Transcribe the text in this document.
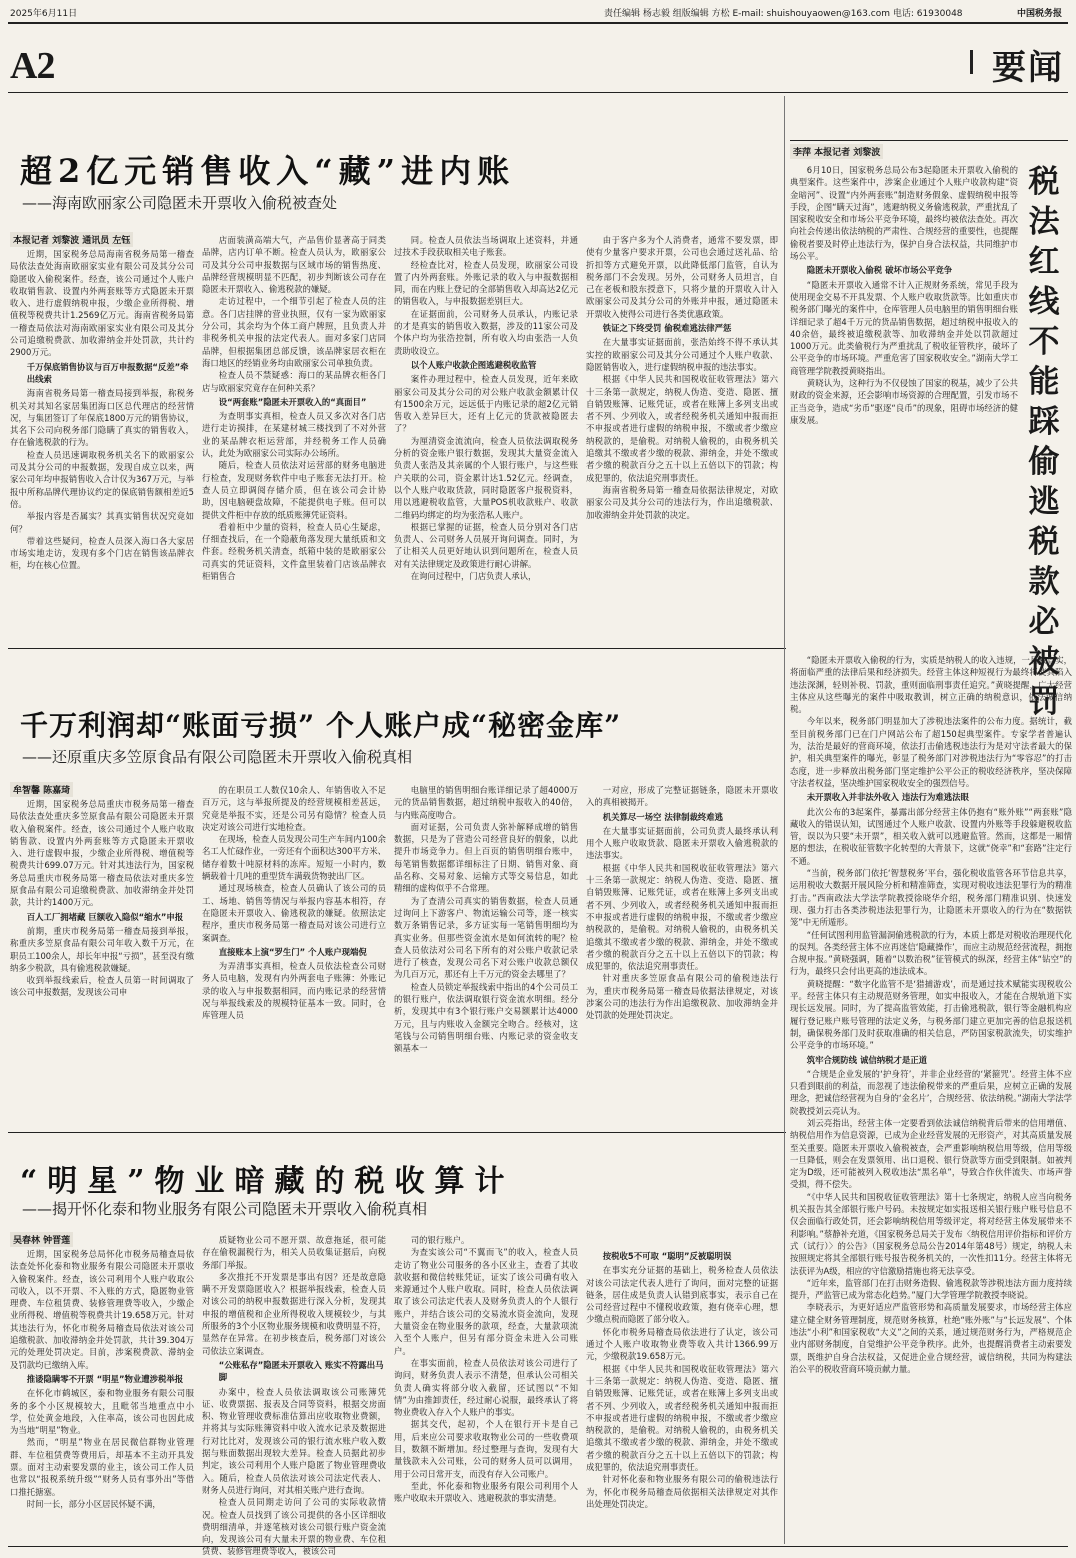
2025年6月11日	责任编辑 杨志毅 组版编辑 方松 E-mail: shuishouyaowen@163.com 电话: 61930048	中国税务报
A2	要闻
超2亿元销售收入“藏”进内账
——海南欧丽家公司隐匿未开票收入偷税被查处
本报记者 刘黎波 通讯员 左钰

近期，国家税务总局海南省税务局第一稽查局依法查处海南欧丽家实业有限公司及其分公司隐匿收入偷税案件。经查，该公司通过个人账户收取销售款、设置内外两套账等方式隐匿未开票收入、进行虚假纳税申报，少缴企业所得税、增值税等税费共计1.2569亿万元。海南省税务局第一稽查局依法对海南欧丽家实业有限公司及其分公司追缴税费款、加收滞纳金并处罚款，共计约2900万元。

千万保底销售协议与百万申报数据“反差”牵出线索

海南省税务局第一稽查局接到举报，称税务机关对其知名家居集团海口区总代理店的经营情况，与集团签订了年保底1800万元的销售协议，其名下公司向税务部门隐瞒了真实的销售收入，存在偷逃税款的行为。

检查人员迅速调取税务机关名下的欧丽家公司及其分公司的申报数据，发现自成立以来，两家公司年均申报销售收入合计仅为367万元，与举报中所称品牌代理协议约定的保底销售额相差近5倍。

举报内容是否属实？其真实销售状况究竟如何？

带着这些疑问，检查人员深入海口各大家居市场实地走访，发现有多个门店在销售该品牌衣柜，均在核心位置。

店面装潢高端大气，产品售价显著高于同类品牌，店内订单不断。检查人员认为，欧丽家公司及其分公司申报数据与区域市场的销售热度、品牌经营规模明显不匹配，初步判断该公司存在隐匿未开票收入、偷逃税款的嫌疑。

走访过程中，一个细节引起了检查人员的注意。各门店挂牌的营业执照，仅有一家为欧丽家分公司，其余均为个体工商户牌照，且负责人并非税务机关申报的法定代表人。面对多家门店同品牌，但根据集团总部反馈，该品牌家居衣柜在海口地区的经销业务均由欧丽家公司单独负责。

检查人员不禁疑惑：海口的某品牌衣柜各门店与欧丽家究竟存在何种关系？

设“两套账”隐匿未开票收入的“真面目”

为查明事实真相，检查人员又多次对各门店进行走访摸排，在某建材城三楼找到了不对外营业的某品牌衣柜运营部，并经税务工作人员确认，此处为欧丽家公司实际办公场所。

随后，检查人员依法对运营部的财务电脑进行检查，发现财务软件中电子账套无法打开。检查人员立即调阅存储介质，但在该公司会计协助，因电脑硬盘故障，不能提供电子账。但可以提供文件柜中存放的纸质账簿凭证资料。

看着柜中少量的资料，检查人员心生疑虑，仔细查找后，在一个隐蔽角落发现大量纸质和文件套。经税务机关清查，纸箱中装的是欧丽家公司真实的凭证资料，文件盒里装着门店该品牌衣柜销售合

同。检查人员依法当场调取上述资料，并通过技术手段获取相关电子账套。

经检查比对，检查人员发现，欧丽家公司设置了内外两套账。外账记录的收入与申报数据相同，而在内账上登记的全部销售收入却高达2亿元的销售收入，与申报数据差别巨大。

在证据面前，公司财务人员承认，内账记录的才是真实的销售收入数据，涉及的11家公司及个体户均为张浩控制，所有收入均由张浩一人负责助收设立。

以个人账户收款企图逃避税收监管

案件办理过程中，检查人员发现，近年来欧丽家公司及其分公司的对公账户收款金额累计仅有1500余万元，远远低于内账记录的超2亿元销售收入差异巨大，还有上亿元的货款被隐匿去了？

为厘清资金流流向，检查人员依法调取税务分析的资金账户银行数据，发现其大量资金流入负责人张浩及其亲属的个人银行账户，与这些账户关联的公司，资金累计达1.52亿元。经调查，以个人账户收取货款，同时隐匿客户报税资料，用以逃避税收监管，大量POS机收款账户、收款二维码均绑定的均为张浩私人账户。

根据已掌握的证据，检查人员分别对各门店负责人、公司财务人员展开询问调查。同时，为了让相关人员更好地认识到问题所在，检查人员对有关法律规定及政策进行耐心讲解。

在询问过程中，门店负责人承认，

由于客户多为个人消费者，通常不要发票，即使有少量客户要求开票，公司也会通过送礼品、给折扣等方式避免开票，以此降低部门监管，自认为税务部门不会发现。另外，公司财务人员坦言，自己在老板和股东授意下，只将少量的开票收入计入欧丽家公司及其分公司的外账并申报，通过隐匿未开票收入使得公司进行各类优惠政策。

铁证之下终受罚 偷税难逃法律严惩

在大量事实证据面前，张浩始终不得不承认其实控的欧丽家公司及其分公司通过个人账户收款、隐匿销售收入，进行虚假纳税申报的违法事实。

根据《中华人民共和国税收征收管理法》第六十三条第一款规定，纳税人伪造、变造、隐匿、擅自销毁账簿、记账凭证，或者在账簿上多列支出或者不列、少列收入，或者经税务机关通知申报而拒不申报或者进行虚假的纳税申报，不缴或者少缴应纳税款的，是偷税。对纳税人偷税的，由税务机关追缴其不缴或者少缴的税款、滞纳金，并处不缴或者少缴的税款百分之五十以上五倍以下的罚款；构成犯罪的，依法追究刑事责任。

海南省税务局第一稽查局依据法律规定，对欧丽家公司及其分公司的违法行为，作出追缴税款、加收滞纳金并处罚款的决定。

千万利润却“账面亏损” 个人账户成“秘密金库”
——还原重庆多笠原食品有限公司隐匿未开票收入偷税真相
牟智馨 陈嘉琦

近期，国家税务总局重庆市税务局第一稽查局依法查处重庆多笠原食品有限公司隐匿未开票收入偷税案件。经查，该公司通过个人账户收取销售款、设置内外两套账等方式隐匿未开票收入、进行虚假申报，少缴企业所得税、增值税等税费共计699.07万元。针对其违法行为，国家税务总局重庆市税务局第一稽查局依法对重庆多笠原食品有限公司追缴税费款、加收滞纳金并处罚款，共计约1400万元。

百人工厂拥堵藏 巨额收入隐似“缩水”申报

前期，重庆市税务局第一稽查局接到举报，称重庆多笠原食品有限公司年收入数千万元，在职员工100余人，却长年申报“亏损”，甚至没有缴纳多少税款，具有偷逃税款嫌疑。

收到举报线索后，检查人员第一时间调取了该公司申报数据，发现该公司申

的在职员工人数仅10余人、年销售收入不足百万元，这与举报所提及的经营规模相差甚远，究竟是举报不实，还是公司另有隐情？检查人员决定对该公司进行实地检查。

在现场，检查人员发现公司生产车间内100余名工人忙碌作业，一旁还有个面积达300平方米、储存着数十吨原材料的冻库。短短一小时内，数辆载着十几吨的重型货车满载货物驶出厂区。

通过现场核查，检查人员确认了该公司的员工、场地、销售等情况与举报内容基本相符，存在隐匿未开票收入、偷逃税款的嫌疑。依照法定程序，重庆市税务局第一稽查局对该公司进行立案调查。

直接账本上演“罗生门” 个人账户现端倪

为弄清事实真相，检查人员依法检查公司财务人员电脑，发现有内外两套电子账簿：外账记录的收入与申报数据相同，而内账记录的经营情况与举报线索及的规模特征基本一致。同时，仓库管理人员

电脑里的销售明细台账详细记录了超4000万元的货品销售数据，超过纳税申报收入的40倍，与内账高度吻合。

面对证据，公司负责人弥补解释成增的销售数据，只是为了营造公司经营良好的假象，以此提升市场竞争力。但上百页的销售明细台账中，每笔销售数据都详细标注了日期、销售对象、商品名称、交易对象、运输方式等交易信息，如此精细的虚构似乎不合常理。

为了查清公司真实的销售数据，检查人员通过询问上下游客户、物流运输公司等，逐一核实数万条销售记录，多方证实每一笔销售明细均为真实业务。但那些资金流水是如何流转的呢？检查人员依法对公司名下所有的对公账户收款记录进行了核查，发现公司名下对公账户收款总额仅为几百万元，那还有上千万元的资金去哪里了？

检查人员锁定举报线索中指出的4个公司员工的银行账户，依法调取银行资金流水明细。经分析，发现其中有3个银行账户交易额累计达4000万元，且与内账收入金额完全吻合。经核对，这笔钱与公司销售明细台账、内账记录的资金收支额基本一

一对应，形成了完整证据链条，隐匿未开票收入的真相被揭开。

机关算尽一场空 法律制裁终难逃

在大量事实证据面前，公司负责人最终承认利用个人账户收取货款、隐匿未开票收入偷逃税款的违法事实。

根据《中华人民共和国税收征收管理法》第六十三条第一款规定：纳税人伪造、变造、隐匿、擅自销毁账簿、记账凭证，或者在账簿上多列支出或者不列、少列收入，或者经税务机关通知申报而拒不申报或者进行虚假的纳税申报，不缴或者少缴应纳税款的，是偷税。对纳税人偷税的，由税务机关追缴其不缴或者少缴的税款、滞纳金，并处不缴或者少缴的税款百分之五十以上五倍以下的罚款；构成犯罪的，依法追究刑事责任。

针对重庆多笠原食品有限公司的偷税违法行为，重庆市税务局第一稽查局依据法律规定，对该涉案公司的违法行为作出追缴税款、加收滞纳金并处罚款的处理处罚决定。

“明星”物业暗藏的税收算计
——揭开怀化泰和物业服务有限公司隐匿未开票收入偷税真相
吴春林 钟晋莲

近期，国家税务总局怀化市税务局稽查局依法查处怀化泰和物业服务有限公司隐匿未开票收入偷税案件。经查，该公司利用个人账户收取公司收入，以不开票、不入账的方式，隐匿物业管理费、车位租赁费、装修管理费等收入，少缴企业所得税、增值税等税费共计19.658万元。针对其违法行为，怀化市税务局稽查局依法对该公司追缴税款、加收滞纳金并处罚款，共计39.304万元的处理处罚决定。目前，涉案税费款、滞纳金及罚款均已缴纳入库。

推诿隐瞒零不开票 “明星”物业遭涉税举报

在怀化市鹤城区，泰和物业服务有限公司服务的多个小区规模较大，且毗邻当地重点中小学，位处黄金地段，入住率高，该公司也因此成为当地“明星”物业。

然而，“明星”物业在居民微信群物业管理群、车位租赁费等费用后，却基本不主动开具发票。面对主动索要发票的业主，该公司工作人员也常以“报税系统升级”“财务人员有事外出”等借口推托搪塞。

时间一长，部分小区居民怀疑不满，

质疑物业公司不愿开票、故意拖延，很可能存在偷税漏税行为，相关人员收集证据后，向税务部门举报。

多次推托不开发票是事出有因？还是故意隐瞒不开发票隐匿收入？根据举报线索，检查人员对该公司的纳税申报数据进行深入分析，发现其申报的增值税和企业所得税收入规模较少，与其所服务的3个小区物业服务规模和收费明显不符，显然存在异常。在初步核查后，税务部门对该公司依法立案调查。

“公账私存”隐匿未开票收入 账实不符露出马脚

办案中，检查人员依法调取该公司账簿凭证、收费票据、报表及合同等资料，根据交房面积、物业管理收费标准估算出应收取物业费额，并将其与实际账簿资料中收入流水记录及数据进行对比比对，发现该公司的银行流水账户收入数据与账面数据出现较大差异。检查人员据此初步判定，该公司利用个人账户隐匿了物业管理费收入。随后，检查人员依法对该公司法定代表人、财务人员进行询问，对其相关账户进行查询。

检查人员同期走访问了公司的实际收款情况。检查人员找到了该公司提供的各小区详细收费明细清单，并逐笔核对该公司银行账户资金流向，发现该公司有大量未开票的物业费、车位租赁费、装修管理费等收入，被该公司

司的银行账户。

为查实该公司“不翼而飞”的收入，检查人员走访了物业公司服务的各小区业主，查看了其收款收据和微信转账凭证，证实了该公司确有收入来源通过个人账户收取。同时，检查人员依法调取了该公司法定代表人及财务负责人的个人银行账户，并结合该公司的交易流水资金流向，发现大量资金在物业服务的款项，经查，大量款项流入至个人账户，但另有部分资金未进入公司账户。

在事实面前，检查人员依法对该公司进行了询问，财务负责人表示不清楚，但承认公司相关负责人确实将部分收入截留，还试图以“不知情”为由推卸责任，经过耐心说服，最终承认了将物业费收入存入个人账户的事实。

据其交代，起初，个人在银行开卡是自己用，后来应公司要求收取物业公司的一些收费项目，数额不断增加。经过整理与查询，发现有大量钱款未入公司账，公司的财务人员可以调用，用于公司日常开支，而没有存入公司账户。

至此，怀化泰和物业服务有限公司利用个人账户收取未开票收入、逃避税款的事实清楚。

按税收5不可取 “聪明”反被聪明误

在事实充分证据的基础上，税务检查人员依法对该公司法定代表人进行了询问，面对完整的证据链条，居住成是负责人认错到底事实，表示自己在公司经营过程中不懂税收政策，抱有侥幸心理，想少缴点税而隐匿了部分收入。

怀化市税务局稽查局依法进行了认定，该公司通过个人账户收取物业费等收入共计1366.99万元，少缴税款19.658万元。

根据《中华人民共和国税收征收管理法》第六十三条第一款规定：纳税人伪造、变造、隐匿、擅自销毁账簿、记账凭证，或者在账簿上多列支出或者不列、少列收入，或者经税务机关通知申报而拒不申报或者进行虚假的纳税申报，不缴或者少缴应纳税款的，是偷税。对纳税人偷税的，由税务机关追缴其不缴或者少缴的税款、滞纳金，并处不缴或者少缴的税款百分之五十以上五倍以下的罚款；构成犯罪的，依法追究刑事责任。

针对怀化泰和物业服务有限公司的偷税违法行为，怀化市税务局稽查局依据相关法律规定对其作出处理处罚决定。

李萍 本报记者 刘黎波
税
法
红
线
不
能
踩
偷
逃
税
款
必
被
罚

6月10日，国家税务总局公布3起隐匿未开票收入偷税的典型案件。这些案件中，涉案企业通过个人账户收款构建“资金暗河”、设置“内外两套账”制造财务假象、虚假纳税申报等手段，企图“瞒天过海”，逃避纳税义务偷逃税款，严重扰乱了国家税收安全和市场公平竞争环境，最终均被依法查处。再次向社会传递出依法纳税的严肃性、合规经营的重要性，也提醒偷税者要及时停止违法行为，保护自身合法权益，共同维护市场公平。

隐匿未开票收入偷税 破坏市场公平竞争

“隐匿未开票收入通常不计入正规财务系统，常见手段为使用现金交易不开具发票、个人账户收取货款等。比如重庆市税务部门曝光的案件中，仓库管理人员电脑里的销售明细台账详细记录了超4千万元的货品销售数据，超过纳税申报收入的40余倍，最终被追缴税款等、加收滞纳金并处以罚款超过1000万元。此类偷税行为严重扰乱了税收征管秩序，破坏了公平竞争的市场环境。严重危害了国家税收安全。”湖南大学工商管理学院教授黄晓指出。

黄晓认为，这种行为不仅侵蚀了国家的税基，减少了公共财政的资金来源，还会影响市场资源的合理配置，引发市场不正当竞争，造成“劣币”驱逐“良币”的现象，阻碍市场经济的健康发展。

“隐匿未开票收入偷税的行为，实质是纳税人的收入违规，一旦被查实，将面临严重的法律后果和经济损失。经营主体这种短视行为最终将使其陷入违法深渊，轻则补税、罚款，重则面临刑事责任追究。”黄晓提醒，广大经营主体应从这些曝光的案件中吸取教训，树立正确的纳税意识，依法诚信纳税。

今年以来，税务部门明显加大了涉税违法案件的公布力度。据统计，截至目前税务部门已在门户网站公布了超150起典型案件。专家学者普遍认为，法治是最好的营商环境，依法打击偷逃税违法行为是对守法者最大的保护，相关典型案件的曝光，彰显了税务部门对涉税违法行为“零容忍”的打击态度，进一步释放出税务部门坚定维护公平公正的税收经济秩序，坚决保障守法者权益，坚决维护国家税收安全的强烈信号。

未开票收入并非法外收入 违法行为难逃法眼

此次公布的3起案件，暴露出部分经营主体仍抱有“账外账”“两套账”隐藏收入的错误认知，试图通过个人账户收款、设置内外账等手段躲避税收监管，误以为只要“未开票”，相关收入就可以逃避监管。然而，这都是一厢情愿的想法，在税收征管数字化转型的大背景下，这就“侥幸”和“套路”注定行不通。

“当前，税务部门依托‘智慧税务’平台，强化税收监管各环节信息共享，运用税收大数据开展风险分析和精准筛查，实现对税收违法犯罪行为的精准打击。”西南政法大学法学院教授徐晓华介绍，税务部门精准识别、快速发现、强力打击各类涉税违法犯罪行为，让隐匿未开票收入的行为在“数据铁笼”中无所遁形。

“任何试图利用监管漏洞偷逃税款的行为，本质上都是对税收治理现代化的误判。各类经营主体不应再迷信‘隐藏操作’，而应主动规范经营流程，拥抱合规申报。”黄晓强调，随着“以数治税”征管模式的纵深，经营主体“钻空”的行为，最终只会付出更高的违法成本。

黄晓提醒：“数字化监管不是‘猎捕游戏’，而是通过技术赋能实现税收公平。经营主体只有主动规范财务管理，如实申报收入，才能在合规轨道下实现长远发展。同时，为了提高监管效能，打击偷逃税款，银行等金融机构应履行登记账户账号管理的法定义务，与税务部门建立更加完善的信息报送机制，确保税务部门及时获取准确的相关信息，严防国家税款流失，切实维护公平竞争的市场环境。”

筑牢合规防线 诚信纳税才是正道

“合规是企业发展的‘护身符’，并非企业经营的‘紧箍咒’。经营主体不应只看到眼前的利益，而忽视了违法偷税带来的严重后果，应树立正确的发展理念，把诚信经营视为自身的‘金名片’，合规经营、依法纳税。”湖南大学法学院教授刘云亮认为。

刘云亮指出，经营主体一定要看到依法诚信纳税背后带来的信用增值、纳税信用作为信息资源，已成为企业经营发展的无形资产，对其高质量发展至关重要。隐匿未开票收入偷税被查，会严重影响纳税信用等级，信用等级一旦降低，则会在发票领用、出口退税、银行贷款等方面受到限制。如被判定为D级，还可能被列入税收违法“黑名单”，导致合作伙伴流失、市场声誉受损，得不偿失。

“《中华人民共和国税收征收管理法》第十七条规定，纳税人应当向税务机关报告其全部银行账户号码。未按规定如实报送相关银行账户账号信息不仅会面临行政处罚，还会影响纳税信用等级评定，将对经营主体发展带来不利影响。”蔡静补充道，《国家税务总局关于发布〈纳税信用评价指标和评价方式（试行）〉的公告》（国家税务总局公告2014年第48号）规定，纳税人未按照规定将其全部银行账号报告税务机关的，一次性扣11分。经营主体将无法获评为A级，相应的守信激励措施也将无法享受。

“近年来，监管部门在打击财务造假、偷逃税款等涉税违法方面力度持续提升，严监管已成为常态化趋势。”厦门大学管理学院教授李晓说。

李晓表示，为更好适应严监管形势和高质量发展要求，市场经营主体应建立健全财务管理制度，规范财务核算，杜绝“账外账”与“长远发展”、个体违法“小利”和国家税收“大义”之间的关系，通过规范财务行为，严格规范企业内部财务制度，自觉维护公平竞争秩序。此外，也提醒消费者主动索要发票，既维护自身合法权益，又促进企业合规经营，诚信纳税，共同为构建法治公平的税收营商环境贡献力量。
